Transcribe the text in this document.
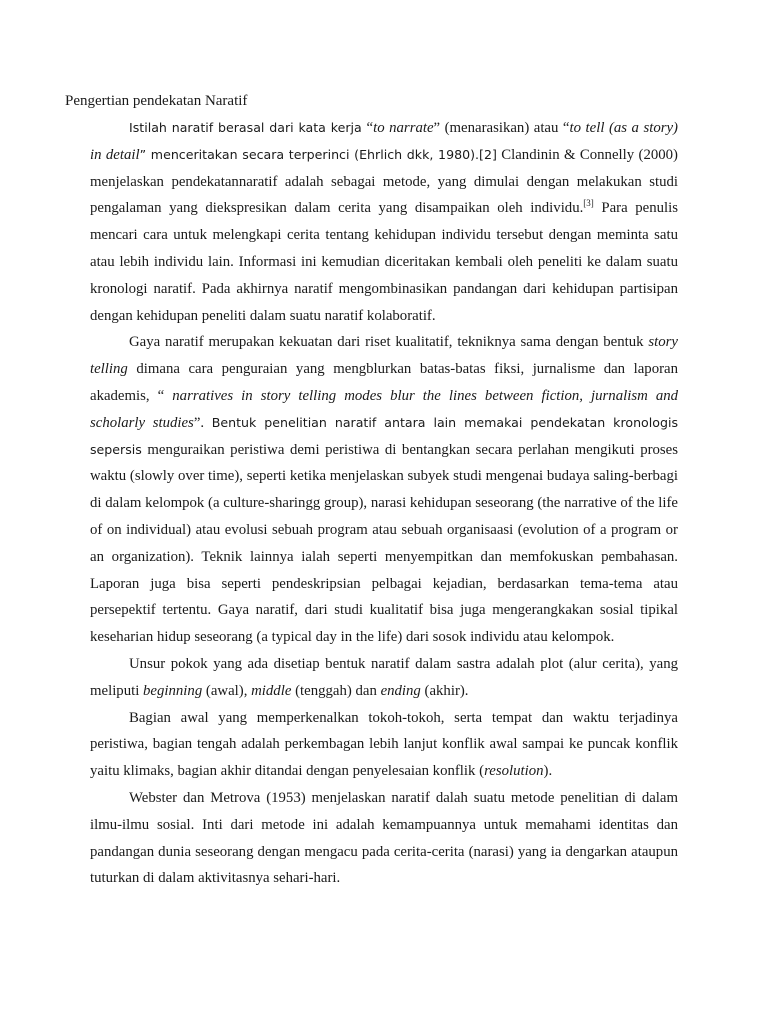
Pengertian pendekatan Naratif

Istilah naratif berasal dari kata kerja “to narrate” (menarasikan) atau “to tell (as a story) in detail” menceritakan secara terperinci (Ehrlich dkk, 1980).[2] Clandinin & Connelly (2000) menjelaskan pendekatannaratif adalah sebagai metode, yang dimulai dengan melakukan studi pengalaman yang diekspresikan dalam cerita yang disampaikan oleh individu.[3] Para penulis mencari cara untuk melengkapi cerita tentang kehidupan individu tersebut dengan meminta satu atau lebih individu lain. Informasi ini kemudian diceritakan kembali oleh peneliti ke dalam suatu kronologi naratif. Pada akhirnya naratif mengombinasikan pandangan dari kehidupan partisipan dengan kehidupan peneliti dalam suatu naratif kolaboratif.

Gaya naratif merupakan kekuatan dari riset kualitatif, tekniknya sama dengan bentuk story telling dimana cara penguraian yang mengblurkan batas-batas fiksi, jurnalisme dan laporan akademis, “ narratives in story telling modes blur the lines between fiction, jurnalism and scholarly studies”. Bentuk penelitian naratif antara lain memakai pendekatan kronologis sepersis menguraikan peristiwa demi peristiwa di bentangkan secara perlahan mengikuti proses waktu (slowly over time), seperti ketika menjelaskan subyek studi mengenai budaya saling-berbagi di dalam kelompok (a culture-sharingg group), narasi kehidupan seseorang (the narrative of the life of on individual) atau evolusi sebuah program atau sebuah organisaasi (evolution of a program or an organization). Teknik lainnya ialah seperti menyempitkan dan memfokuskan pembahasan. Laporan juga bisa seperti pendeskripsian pelbagai kejadian, berdasarkan tema-tema atau persepektif tertentu. Gaya naratif, dari studi kualitatif bisa juga mengerangkakan sosial tipikal keseharian hidup seseorang (a typical day in the life) dari sosok individu atau kelompok.

Unsur pokok yang ada disetiap bentuk naratif dalam sastra adalah plot (alur cerita), yang meliputi beginning (awal), middle (tenggah) dan ending (akhir).

Bagian awal yang memperkenalkan tokoh-tokoh, serta tempat dan waktu terjadinya peristiwa, bagian tengah adalah perkembagan lebih lanjut konflik awal sampai ke puncak konflik yaitu klimaks, bagian akhir ditandai dengan penyelesaian konflik (resolution).

Webster dan Metrova (1953) menjelaskan naratif dalah suatu metode penelitian di dalam ilmu-ilmu sosial. Inti dari metode ini adalah kemampuannya untuk memahami identitas dan pandangan dunia seseorang dengan mengacu pada cerita-cerita (narasi) yang ia dengarkan ataupun tuturkan di dalam aktivitasnya sehari-hari.
